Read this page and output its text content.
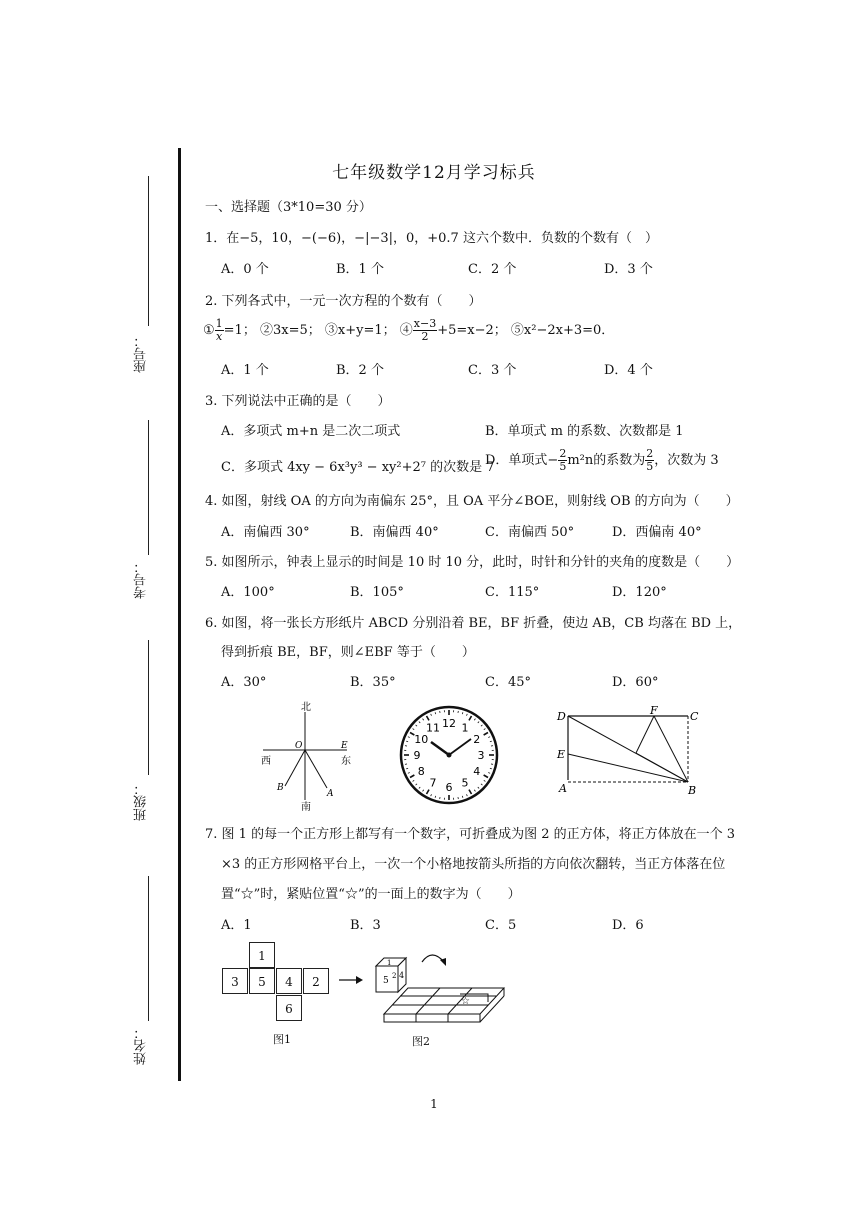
座号：
考号：
班级：
姓名：
七年级数学12月学习标兵
一、选择题（3*10=30 分）
1．在−5，10，−(−6)，−|−3|，0，+0.7 这六个数中．负数的个数有（　）
A．0 个	B．1 个	C．2 个	D．3 个
2. 下列各式中，一元一次方程的个数有（　　）
① $\frac{1}{x} =1$； ②3x=5； ③x+y=1； ④ $\frac{x-3}{2} +5=x-2$； ⑤x²−2x+3=0．
A．1 个	B．2 个	C．3 个	D．4 个
3. 下列说法中正确的是（　　）
A．多项式 m+n 是二次二项式	B．单项式 m 的系数、次数都是 1
C．多项式 4xy − 6x³y³ − xy²+2⁷ 的次数是 7
D．单项式− $\frac{2}{5} m^2n$的系数为 $\frac{2}{5}$ ，次数为 3
4. 如图，射线 OA 的方向为南偏东 25°，且 OA 平分∠BOE，则射线 OB 的方向为（　　）
A．南偏西 30°	B．南偏西 40°	C．南偏西 50°	D．西偏南 40°
5. 如图所示，钟表上显示的时间是 10 时 10 分，此时，时针和分针的夹角的度数是（　　）
A．100°	B．105°	C．115°	D．120°
6. 如图，将一张长方形纸片 ABCD 分别沿着 BE，BF 折叠，使边 AB，CB 均落在 BD 上，
得到折痕 BE，BF，则∠EBF 等于（　　）
A．30°	B．35°	C．45°	D．60°
北
南
东
西
O	E
A
B
12 1
2
3
4
5
6
7
8
9
10
11
D	F	C
E
A	B
7. 图 1 的每一个正方形上都写有一个数字，可折叠成为图 2 的正方体，将正方体放在一个 3
×3 的正方形网格平台上，一次一个小格地按箭头所指的方向依次翻转，当正方体落在位
置“☆”时，紧贴位置“☆”的一面上的数字为（　　）
A．1	B．3	C．5	D．6
1
3	5	4	2
6
图1
☆
5
4
1
2
图2
1
